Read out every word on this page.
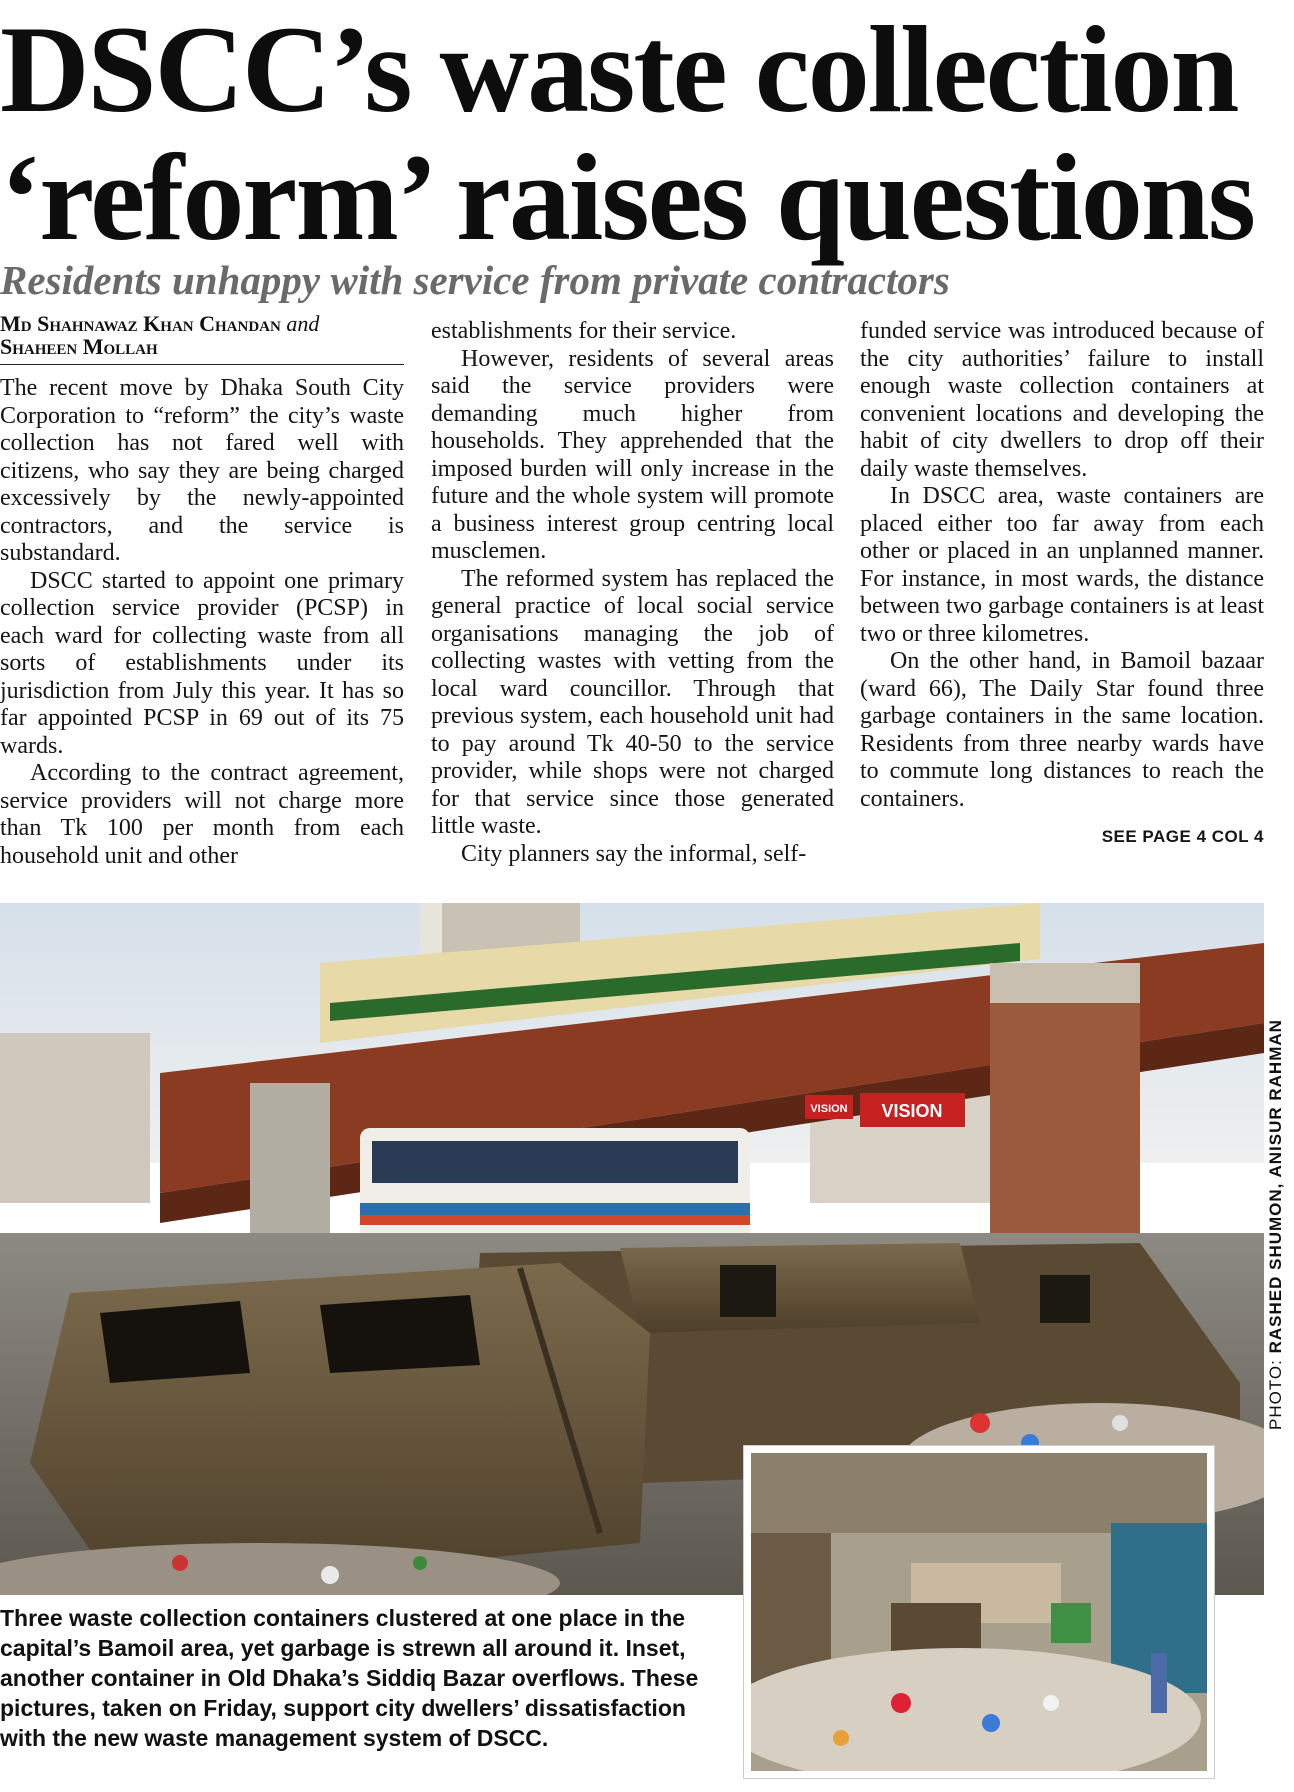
DSCC’s waste collection
‘reform’ raises questions
Residents unhappy with service from private contractors
Md Shahnawaz Khan Chandan and
Shaheen Mollah

The recent move by Dhaka South City Corporation to “reform” the city’s waste collection has not fared well with citizens, who say they are being charged excessively by the newly-appointed contractors, and the service is substandard.

DSCC started to appoint one primary collection service provider (PCSP) in each ward for collecting waste from all sorts of establishments under its jurisdiction from July this year. It has so far appointed PCSP in 69 out of its 75 wards.

According to the contract agreement, service providers will not charge more than Tk 100 per month from each household unit and other

establishments for their service.

However, residents of several areas said the service providers were demanding much higher from households. They apprehended that the imposed burden will only increase in the future and the whole system will promote a business interest group centring local musclemen.

The reformed system has replaced the general practice of local social service organisations managing the job of collecting wastes with vetting from the local ward councillor. Through that previous system, each household unit had to pay around Tk 40-50 to the service provider, while shops were not charged for that service since those generated little waste.

City planners say the informal, self-

funded service was introduced because of the city authorities’ failure to install enough waste collection containers at convenient locations and developing the habit of city dwellers to drop off their daily waste themselves.

In DSCC area, waste containers are placed either too far away from each other or placed in an unplanned manner. For instance, in most wards, the distance between two garbage containers is at least two or three kilometres.

On the other hand, in Bamoil bazaar (ward 66), The Daily Star found three garbage containers in the same location. Residents from three nearby wards have to commute long distances to reach the containers.

SEE PAGE 4 COL 4
VISION VISION
PHOTO: RASHED SHUMON, ANISUR RAHMAN
Three waste collection containers clustered at one place in the capital’s Bamoil area, yet garbage is strewn all around it. Inset, another container in Old Dhaka’s Siddiq Bazar overflows. These pictures, taken on Friday, support city dwellers’ dissatisfaction with the new waste management system of DSCC.
